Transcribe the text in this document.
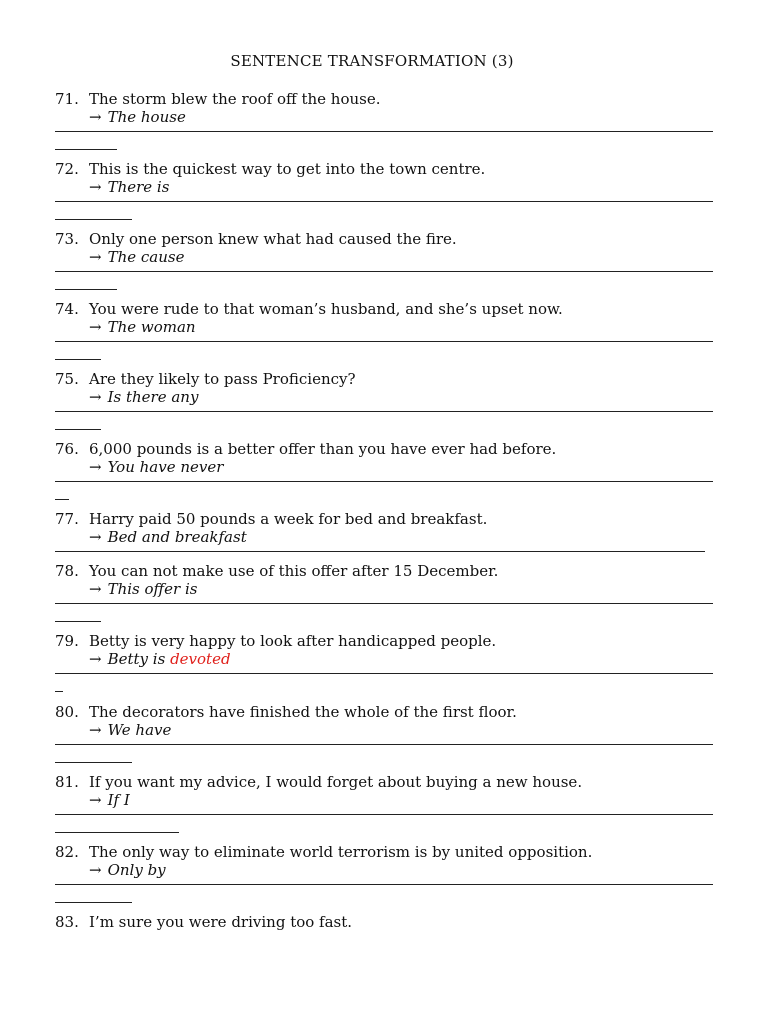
SENTENCE TRANSFORMATION (3)
71. The storm blew the roof off the house.
→ The house
72. This is the quickest way to get into the town centre.
→ There is
73. Only one person knew what had caused the fire.
→ The cause
74. You were rude to that woman’s husband, and she’s upset now.
→ The woman
75. Are they likely to pass Proficiency?
→ Is there any
76. 6,000 pounds is a better offer than you have ever had before.
→ You have never
77. Harry paid 50 pounds a week for bed and breakfast.
→ Bed and breakfast
78. You can not make use of this offer after 15 December.
→ This offer is
79. Betty is very happy to look after handicapped people.
→ Betty is devoted
80. The decorators have finished the whole of the first floor.
→ We have
81. If you want my advice, I would forget about buying a new house.
→ If I
82. The only way to eliminate world terrorism is by united opposition.
→ Only by
83. I’m sure you were driving too fast.
